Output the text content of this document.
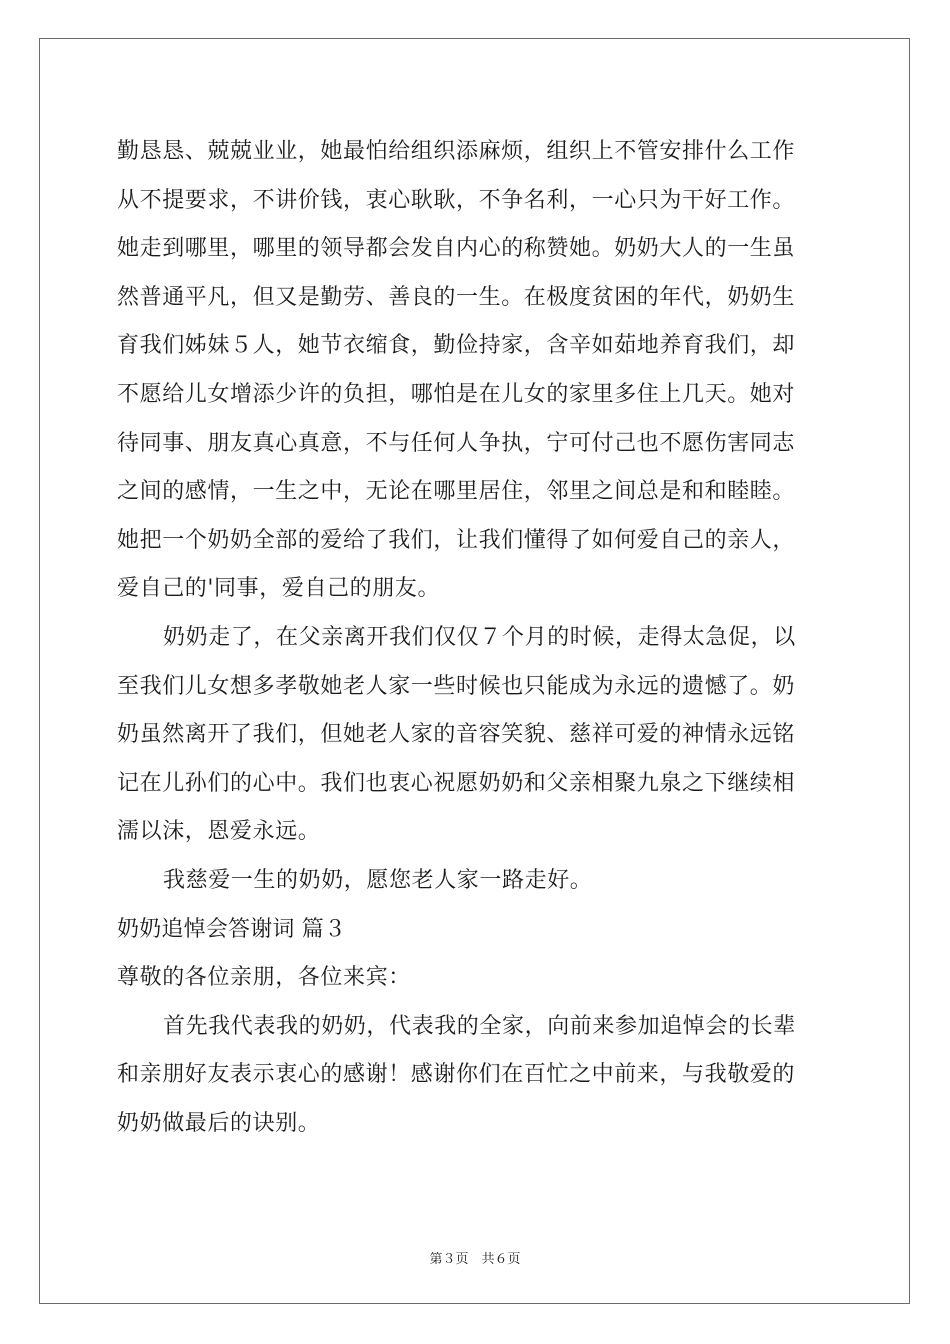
勤恳恳、兢兢业业，她最怕给组织添麻烦，组织上不管安排什么工作
从不提要求，不讲价钱，衷心耿耿，不争名利，一心只为干好工作。
她走到哪里，哪里的领导都会发自内心的称赞她。奶奶大人的一生虽
然普通平凡，但又是勤劳、善良的一生。在极度贫困的年代，奶奶生
育我们姊妹５人，她节衣缩食，勤俭持家，含辛如茹地养育我们，却
不愿给儿女增添少许的负担，哪怕是在儿女的家里多住上几天。她对
待同事、朋友真心真意，不与任何人争执，宁可付己也不愿伤害同志
之间的感情，一生之中，无论在哪里居住，邻里之间总是和和睦睦。
她把一个奶奶全部的爱给了我们，让我们懂得了如何爱自己的亲人，
爱自己的'同事，爱自己的朋友。
奶奶走了，在父亲离开我们仅仅７个月的时候，走得太急促，以
至我们儿女想多孝敬她老人家一些时候也只能成为永远的遗憾了。奶
奶虽然离开了我们，但她老人家的音容笑貌、慈祥可爱的神情永远铭
记在儿孙们的心中。我们也衷心祝愿奶奶和父亲相聚九泉之下继续相
濡以沫，恩爱永远。
我慈爱一生的奶奶，愿您老人家一路走好。
奶奶追悼会答谢词 篇３
尊敬的各位亲朋，各位来宾：
首先我代表我的奶奶，代表我的全家，向前来参加追悼会的长辈
和亲朋好友表示衷心的感谢！感谢你们在百忙之中前来，与我敬爱的
奶奶做最后的诀别。
第３页　共６页
